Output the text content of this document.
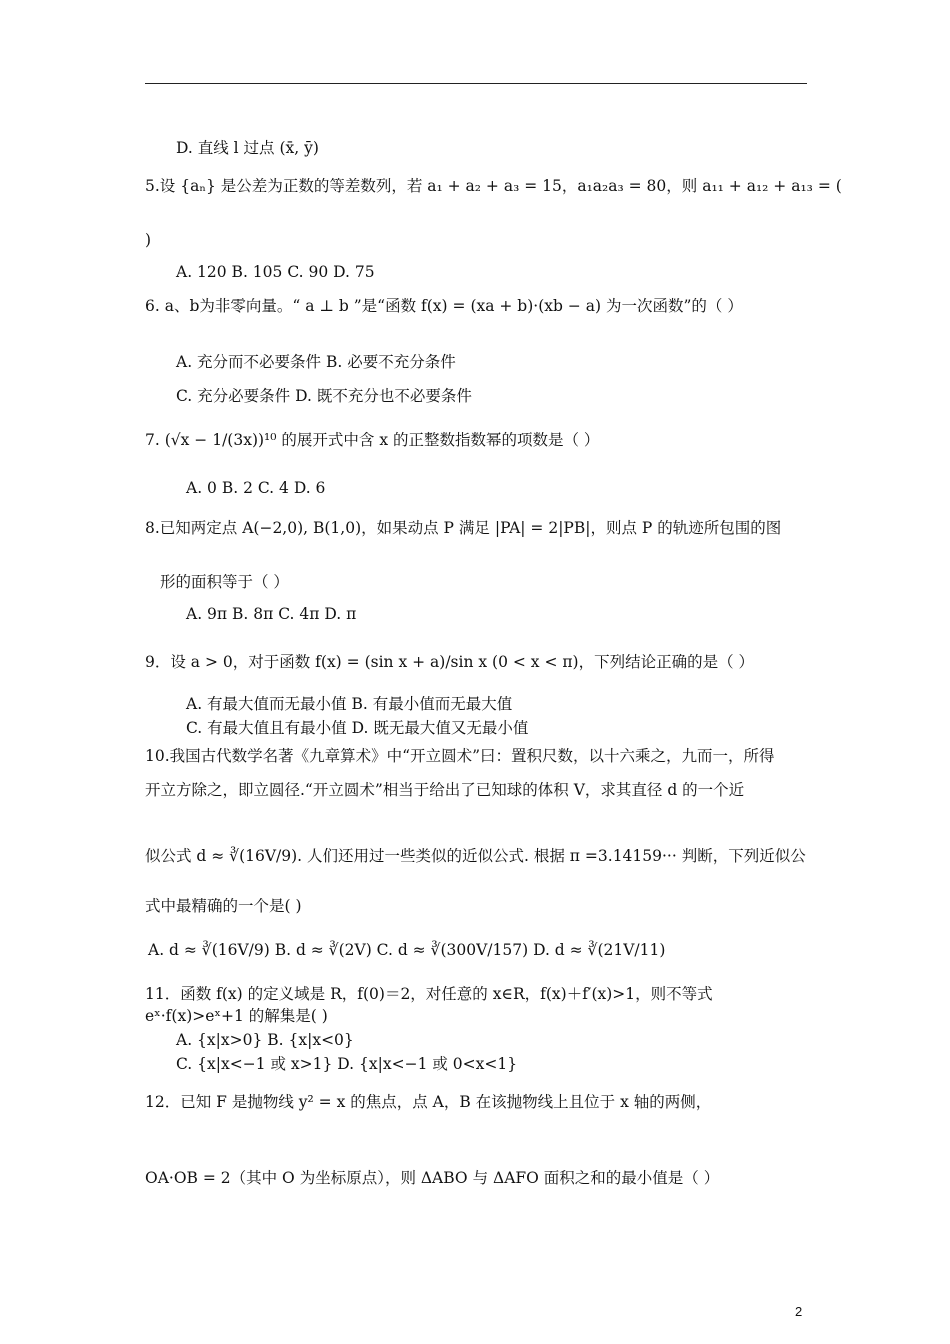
D. 直线 l 过点 (x̄, ȳ)
5.设 {aₙ} 是公差为正数的等差数列，若 a₁ + a₂ + a₃ = 15，a₁a₂a₃ = 80，则 a₁₁ + a₁₂ + a₁₃ = (
)
A. 120 B. 105 C. 90 D. 75
6. a、b为非零向量。“ a ⊥ b ”是“函数 f(x) = (xa + b)·(xb − a) 为一次函数”的（ ）
A. 充分而不必要条件 B. 必要不充分条件
C. 充分必要条件 D. 既不充分也不必要条件
7. (√x − 1/(3x))¹⁰ 的展开式中含 x 的正整数指数幂的项数是（ ）
A. 0 B. 2 C. 4 D. 6
8.已知两定点 A(−2,0), B(1,0)，如果动点 P 满足 |PA| = 2|PB|，则点 P 的轨迹所包围的图
形的面积等于（ ）
A. 9π B. 8π C. 4π D. π
9．设 a > 0，对于函数 f(x) = (sin x + a)/sin x (0 < x < π)，下列结论正确的是（ ）
A. 有最大值而无最小值 B. 有最小值而无最大值
C. 有最大值且有最小值 D. 既无最大值又无最小值
10.我国古代数学名著《九章算术》中“开立圆术”曰：置积尺数，以十六乘之，九而一，所得
开立方除之，即立圆径.“开立圆术”相当于给出了已知球的体积 V，求其直径 d 的一个近
似公式 d ≈ ∛(16V/9). 人们还用过一些类似的近似公式. 根据 π =3.14159··· 判断，下列近似公
式中最精确的一个是( )
A. d ≈ ∛(16V/9) B. d ≈ ∛(2V) C. d ≈ ∛(300V/157) D. d ≈ ∛(21V/11)
11．函数 f(x) 的定义域是 R，f(0)＝2，对任意的 x∈R，f(x)＋f′(x)>1，则不等式
eˣ·f(x)>eˣ+1 的解集是( )
A. {x|x>0} B. {x|x<0}
C. {x|x<−1 或 x>1} D. {x|x<−1 或 0<x<1}
12．已知 F 是抛物线 y² = x 的焦点，点 A，B 在该抛物线上且位于 x 轴的两侧，
OA·OB = 2（其中 O 为坐标原点），则 ΔABO 与 ΔAFO 面积之和的最小值是（ ）
2
